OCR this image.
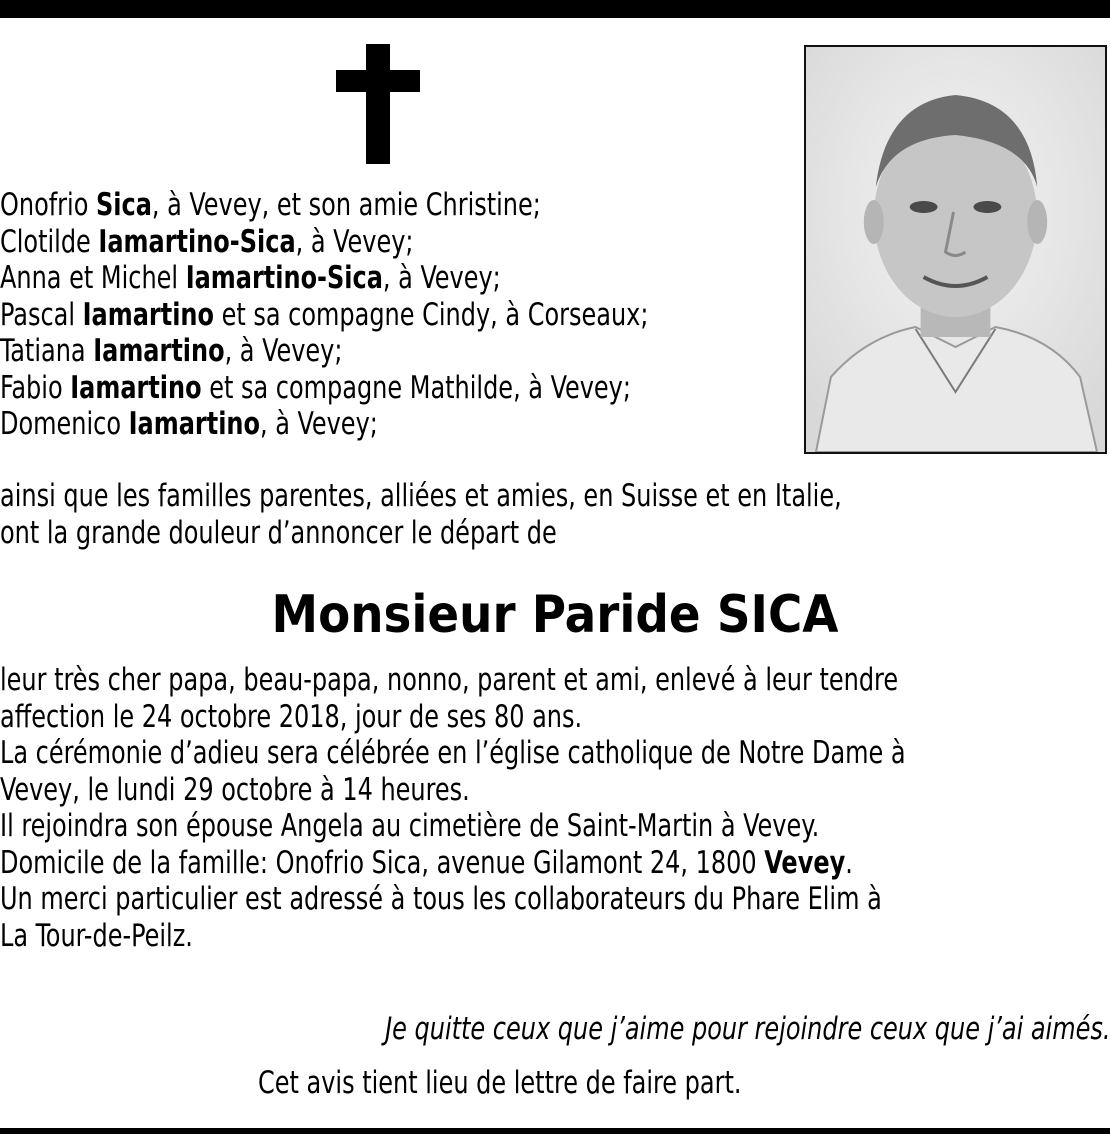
Onofrio Sica, à Vevey, et son amie Christine;
Clotilde Iamartino-Sica, à Vevey;
Anna et Michel Iamartino-Sica, à Vevey;
Pascal Iamartino et sa compagne Cindy, à Corseaux;
Tatiana Iamartino, à Vevey;
Fabio Iamartino et sa compagne Mathilde, à Vevey;
Domenico Iamartino, à Vevey;
ainsi que les familles parentes, alliées et amies, en Suisse et en Italie,
ont la grande douleur d’annoncer le départ de
Monsieur Paride SICA
leur très cher papa, beau-papa, nonno, parent et ami, enlevé à leur tendre
affection le 24 octobre 2018, jour de ses 80 ans.
La cérémonie d’adieu sera célébrée en l’église catholique de Notre Dame à
Vevey, le lundi 29 octobre à 14 heures.
Il rejoindra son épouse Angela au cimetière de Saint-Martin à Vevey.
Domicile de la famille: Onofrio Sica, avenue Gilamont 24, 1800 Vevey.
Un merci particulier est adressé à tous les collaborateurs du Phare Elim à
La Tour-de-Peilz.

Je quitte ceux que j’aime pour rejoindre ceux que j’ai aimés.

Cet avis tient lieu de lettre de faire part.
